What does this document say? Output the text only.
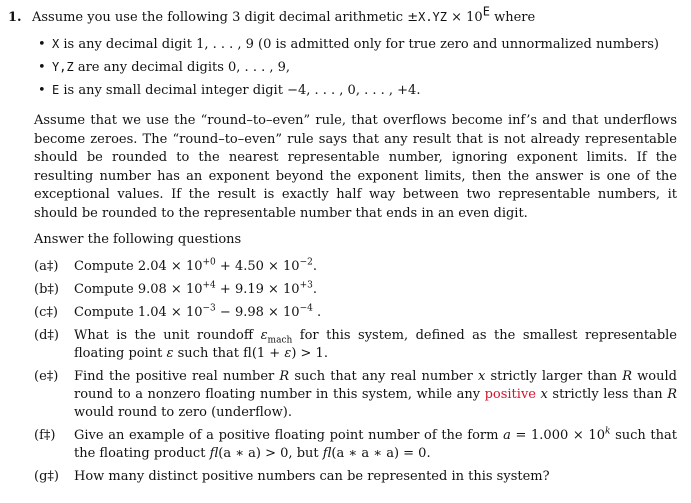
1. Assume you use the following 3 digit decimal arithmetic $\pm X.YZ \times 10^E$ where
• X is any decimal digit 1, . . . , 9 (0 is admitted only for true zero and unnormalized numbers)
• Y,Z are any decimal digits 0, . . . , 9,
• E is any small decimal integer digit −4, . . . , 0, . . . , +4.

Assume that we use the “round–to–even” rule, that overflows become inf’s and that underflows become zeroes. The “round–to–even” rule says that any result that is not already representable should be rounded to the nearest representable number, ignoring exponent limits. If the resulting number has an exponent beyond the exponent limits, then the answer is one of the exceptional values. If the result is exactly half way between two representable numbers, it should be rounded to the representable number that ends in an even digit.

Answer the following questions
(a‡)	Compute $2.04 \times 10^{+0} + 4.50 \times 10^{-2}$.
(b‡)	Compute $9.08 \times 10^{+4} + 9.19 \times 10^{+3}$.
(c‡)	Compute $1.04 \times 10^{-3} - 9.98 \times 10^{-4}$ .
(d‡)	What is the unit roundoff $\varepsilon_{mach}$ for this system, defined as the smallest representable floating point ε such that fl(1 + ε) > 1.
(e‡)	Find the positive real number R such that any real number x strictly larger than R would round to a nonzero floating number in this system, while any positive x strictly less than R would round to zero (underflow).
(f‡)	Give an example of a positive floating point number of the form $a = 1.000 \times 10^k$ such that the floating product fl(a ∗ a) > 0, but fl(a ∗ a ∗ a) = 0.
(g‡)	How many distinct positive numbers can be represented in this system?
